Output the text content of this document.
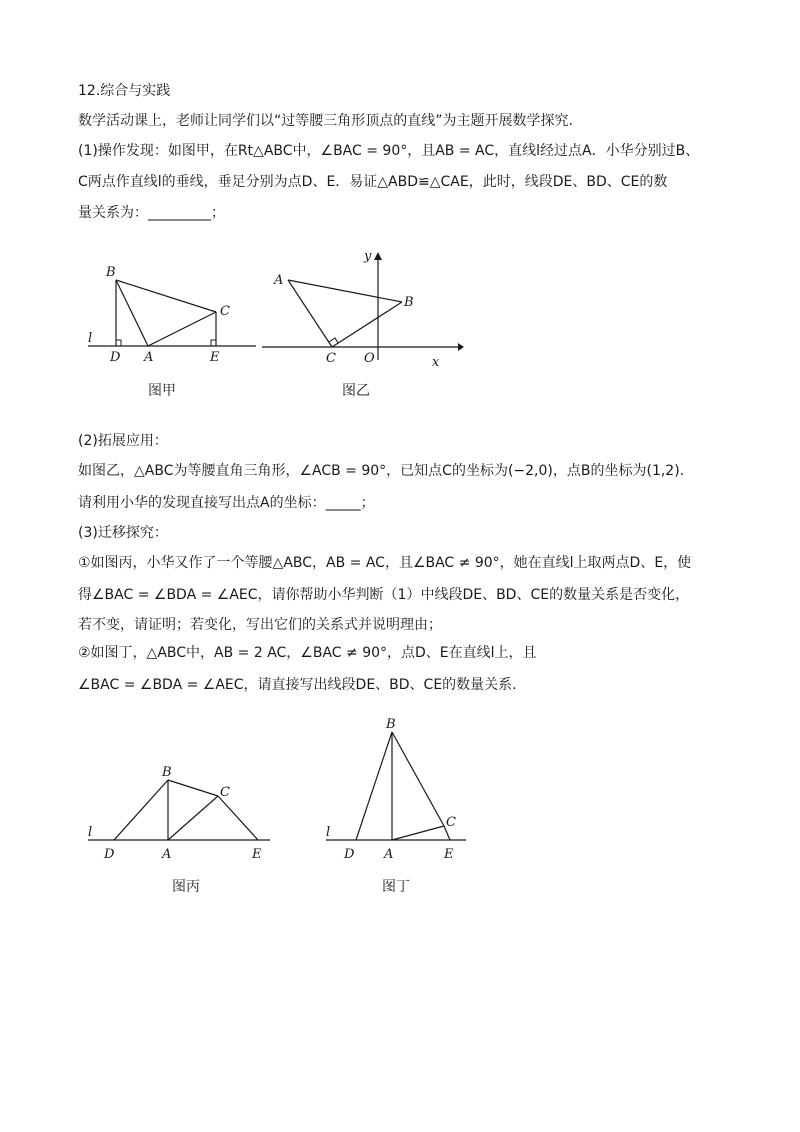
12.综合与实践
数学活动课上，老师让同学们以“过等腰三角形顶点的直线”为主题开展数学探究.
(1)操作发现：如图甲，在Rt△ABC中，∠BAC = 90°，且AB = AC，直线l经过点A．小华分别过B、
C两点作直线l的垂线，垂足分别为点D、E．易证△ABD≌△CAE，此时，线段DE、BD、CE的数
量关系为：_________；
B
C
l
D A	E
图甲
y
A
B
C O	x
图乙
(2)拓展应用：
如图乙，△ABC为等腰直角三角形，∠ACB = 90°，已知点C的坐标为(−2,0)，点B的坐标为(1,2).
请利用小华的发现直接写出点A的坐标：_____；
(3)迁移探究：
①如图丙，小华又作了一个等腰△ABC，AB = AC，且∠BAC ≠ 90°，她在直线l上取两点D、E，使
得∠BAC = ∠BDA = ∠AEC，请你帮助小华判断（1）中线段DE、BD、CE的数量关系是否变化，
若不变，请证明；若变化，写出它们的关系式并说明理由；
②如图丁，△ABC中，AB = 2 AC，∠BAC ≠ 90°，点D、E在直线l上，且
∠BAC = ∠BDA = ∠AEC，请直接写出线段DE、BD、CE的数量关系.
B
C
l
D	A	E
图丙
B
C
l
D A	E
图丁
